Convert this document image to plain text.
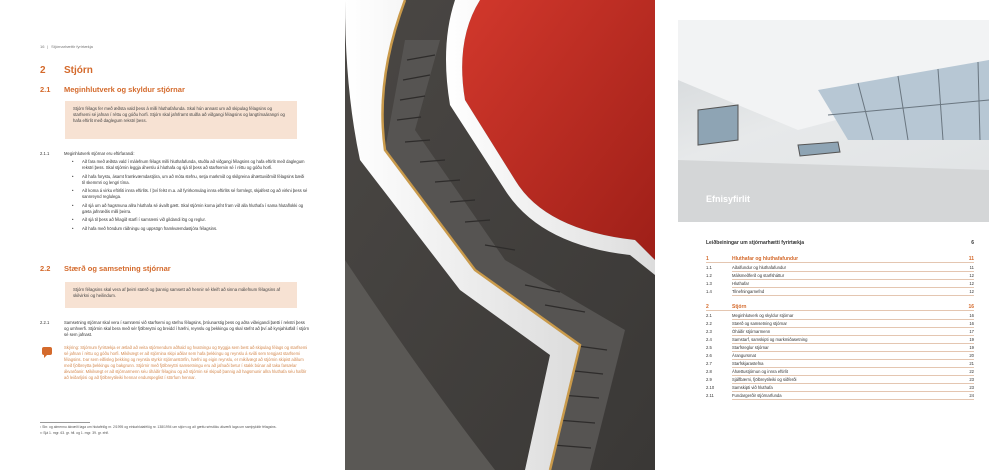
16  |   Stjórnarhættir fyrirtækja
2 Stjórn
2.1 Meginhlutverk og skyldur stjórnar
Stjórn félags fer með æðsta vald þess á milli hluthafafunda. Skal hún annast um að skipulag félagsins og starfsemi sé jafnan í réttu og góðu horfi. Stjórn skal jafnframt stuðla að viðgangi félagsins og langtímaárangri og hafa eftirlit með daglegum rekstri þess.
2.1.1	Meginhlutverk stjórnar eru eftirfarandi:
• Að fara með æðsta vald í málefnum félags milli hluthafafunda, stuðla að viðgangi félagsins og hafa eftirlit með daglegum rekstri þess. Skal stjórnin leggja áherslu á hluthafa og sjá til þess að starfsemin sé í réttu og góðu horfi.
• Að hafa forystu, ásamt framkvæmdastjóra, um að móta stefnu, setja markmið og skilgreina áhættuviðmið félagsins bæði til skemmri og lengri tíma.
• Að koma á virku eftirliti innra eftirlits. Í því felst m.a. að fyrirkomulag innra eftirlits sé formlegt, skjalfest og að virkni þess sé sannreynd reglulega.
• Að sjá um að hagsmuna allra hluthafa sé ávallt gætt. Skal stjórnin koma jafnt fram við alla hluthafa í sama hlutaflokki og gæta jafnræðis milli þeirra.
• Að sjá til þess að félagið starfi í samræmi við gildandi lög og reglur.
• Að hafa með höndum ráðningu og uppsögn framkvæmdastjóra félagsins.
2.2 Stærð og samsetning stjórnar
Stjórn félagsins skal vera af þeirri stærð og þannig samsett að hennir sé kleift að sinna málefnum félagsins af skilvirkni og heilindum.
2.2.1	Samsetning stjórnar skal vera í samræmi við starfsemi og stefnu félagsins, þróunarstig þess og aðra viðeigandi þætti í rekstri þess og umhverfi. Stjórnin skal bera með sér fjölbreytni og breidd í hæfni, reynslu og þekkingu og skal stefnt að því að kynjahlutfall í stjórn sé sem jafnast.
Skýring: Stjórnum fyrirtækja er ætlað að veita stjórnendum aðhald og hvatningu og tryggja sem best að skipulag félags og starfsemi sé jafnan í réttu og góðu horfi. Mikilvægt er að stjórnina skipi aðilar sem hafa þekkingu og reynslu á sviði sem tengjast starfsemi félagsins. Þar sem eðlisleg þekking og reynsla styrkir stjórnarstörfin, hæfni og eigin reynslu, er mikilvægt að stjórnin skipist aðilum með fjölbreytta þekkingu og bakgrunn. Stjórnir með fjölbreyttri samsetningu eru að jafnaði betur í stakk búnar að taka farsælar ákvarðanir. Mikilvægt er að stjórnarmenn séu óháðir félaginu og að stjórnin sé skipuð þannig að hagsmunir allra hluthafa séu hafðir að leiðarljósi og að fjölbreytileiki hennar endurspeglist í störfum hennar.
¹ Sbr. og almennu ákvæði laga um hlutafélög nr. 2/1995 og einkahlutafélög nr. 138/1994 um stjórn og að gættu sérstöku ákvæði laga um samþykktir félagsins.
²² Sjá 1. mgr. 63. gr. hfl. og 1. mgr. 39. gr. ehfl.
Efnisyfirlit
Leiðbeiningar um stjórnarhætti fyrirtækja	6
1	Hluthafar og hluthafafundur	11
1.1	Aðalfundur og hluthafafundur	11
1.2	Málsmeðferð og starfsháttur	12
1.3	Hluthafar	12
1.4	Tilnefningarnefnd	12
2	Stjórn	16
2.1	Meginhlutverk og skyldur stjórnar	16
2.2	Stærð og samsetning stjórnar	16
2.3	Óháðir stjórnarmenn	17
2.4	Samstarf, samskipti og markmiðasetning	19
2.5	Starfsreglur stjórnar	19
2.6	Árangursmat	20
2.7	Starfskjarastefna	21
2.8	Áhættustjórnun og innra eftirlit	22
2.9	Sjálfbærni, fjölbreytileiki og siðferði	23
2.10	Samskipti við hluthafa	23
2.11	Fundargerðir stjórnarfunda	24
